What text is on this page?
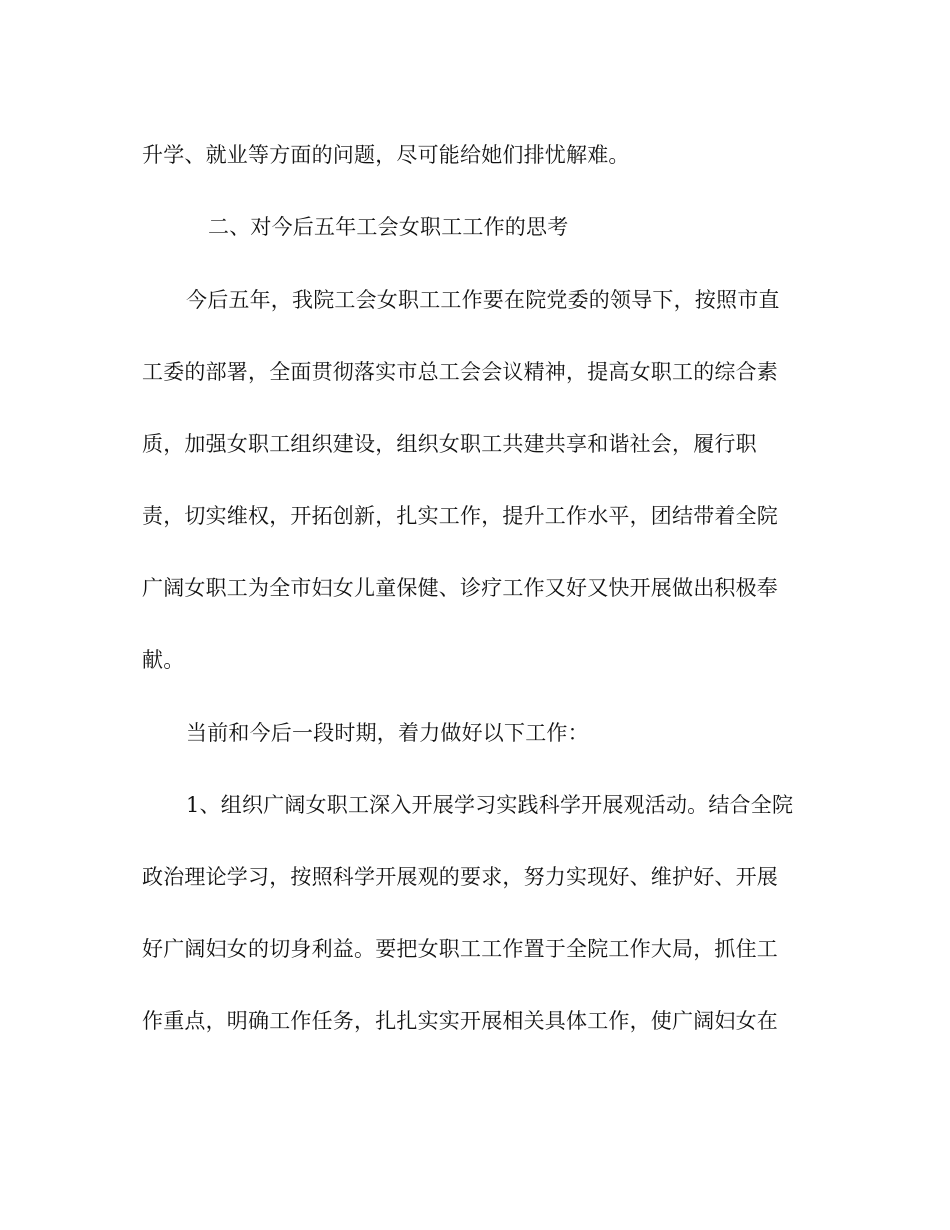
升学、就业等方面的问题，尽可能给她们排忧解难。
二、对今后五年工会女职工工作的思考
今后五年，我院工会女职工工作要在院党委的领导下，按照市直
工委的部署，全面贯彻落实市总工会会议精神，提高女职工的综合素
质，加强女职工组织建设，组织女职工共建共享和谐社会，履行职
责，切实维权，开拓创新，扎实工作，提升工作水平，团结带着全院
广阔女职工为全市妇女儿童保健、诊疗工作又好又快开展做出积极奉
献。
当前和今后一段时期，着力做好以下工作：
1、组织广阔女职工深入开展学习实践科学开展观活动。结合全院
政治理论学习，按照科学开展观的要求，努力实现好、维护好、开展
好广阔妇女的切身利益。要把女职工工作置于全院工作大局，抓住工
作重点，明确工作任务，扎扎实实开展相关具体工作，使广阔妇女在
